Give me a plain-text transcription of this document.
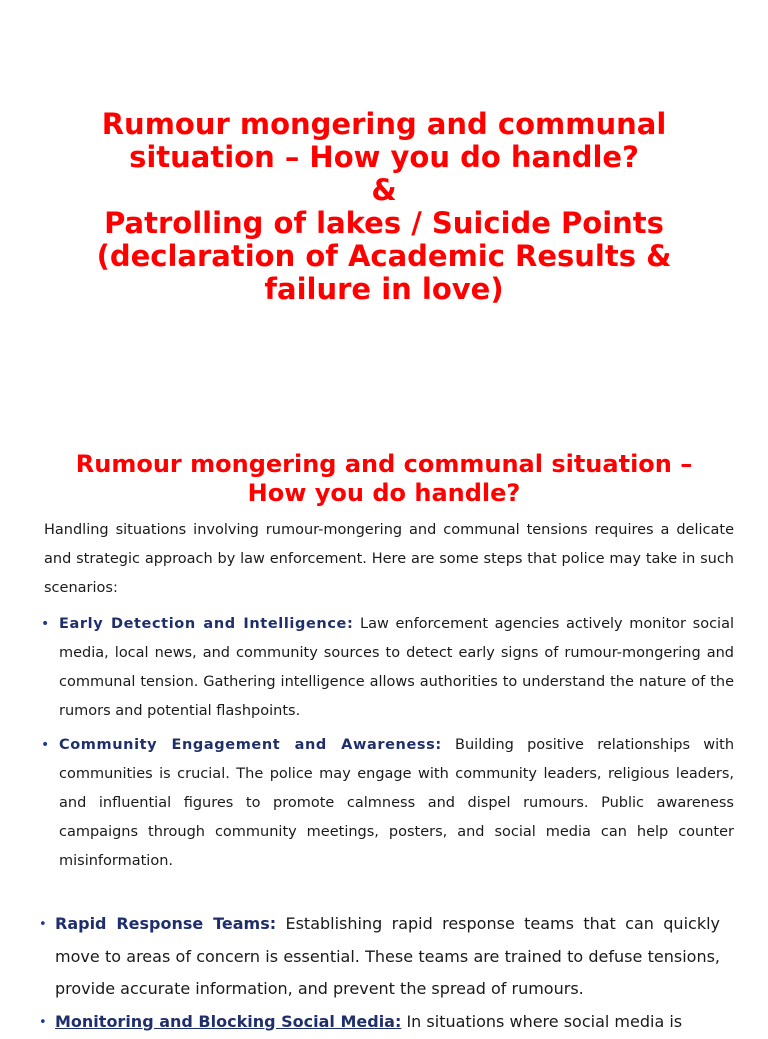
Rumour mongering and communal
situation – How you do handle?
&
Patrolling of lakes / Suicide Points
(declaration of Academic Results &
failure in love)
Rumour mongering and communal situation –
How you do handle?
Handling situations involving rumour-mongering and communal tensions requires a delicate and strategic approach by law enforcement. Here are some steps that police may take in such scenarios:
• Early Detection and Intelligence: Law enforcement agencies actively monitor social media, local news, and community sources to detect early signs of rumour-mongering and communal tension. Gathering intelligence allows authorities to understand the nature of the rumors and potential flashpoints.
• Community Engagement and Awareness: Building positive relationships with communities is crucial. The police may engage with community leaders, religious leaders, and influential figures to promote calmness and dispel rumours. Public awareness campaigns through community meetings, posters, and social media can help counter misinformation.
• Rapid Response Teams: Establishing rapid response teams that can quickly move to areas of concern is essential. These teams are trained to defuse tensions, provide accurate information, and prevent the spread of rumours.
• Monitoring and Blocking Social Media: In situations where social media is
